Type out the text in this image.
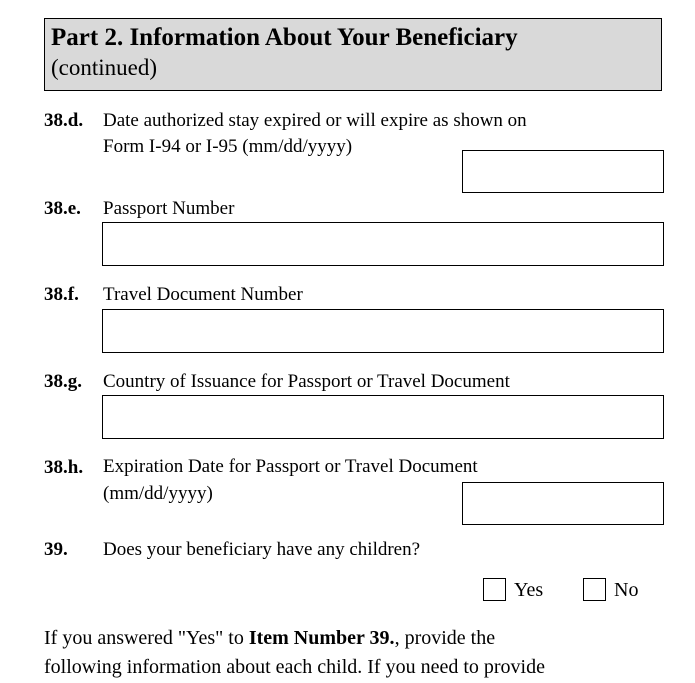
Part 2. Information About Your Beneficiary
(continued)
38.d. Date authorized stay expired or will expire as shown on
Form I-94 or I-95 (mm/dd/yyyy)
38.e. Passport Number
38.f. Travel Document Number
38.g. Country of Issuance for Passport or Travel Document
38.h. Expiration Date for Passport or Travel Document
(mm/dd/yyyy)
39. Does your beneficiary have any children?
Yes	No
If you answered "Yes" to Item Number 39., provide the
following information about each child. If you need to provide
